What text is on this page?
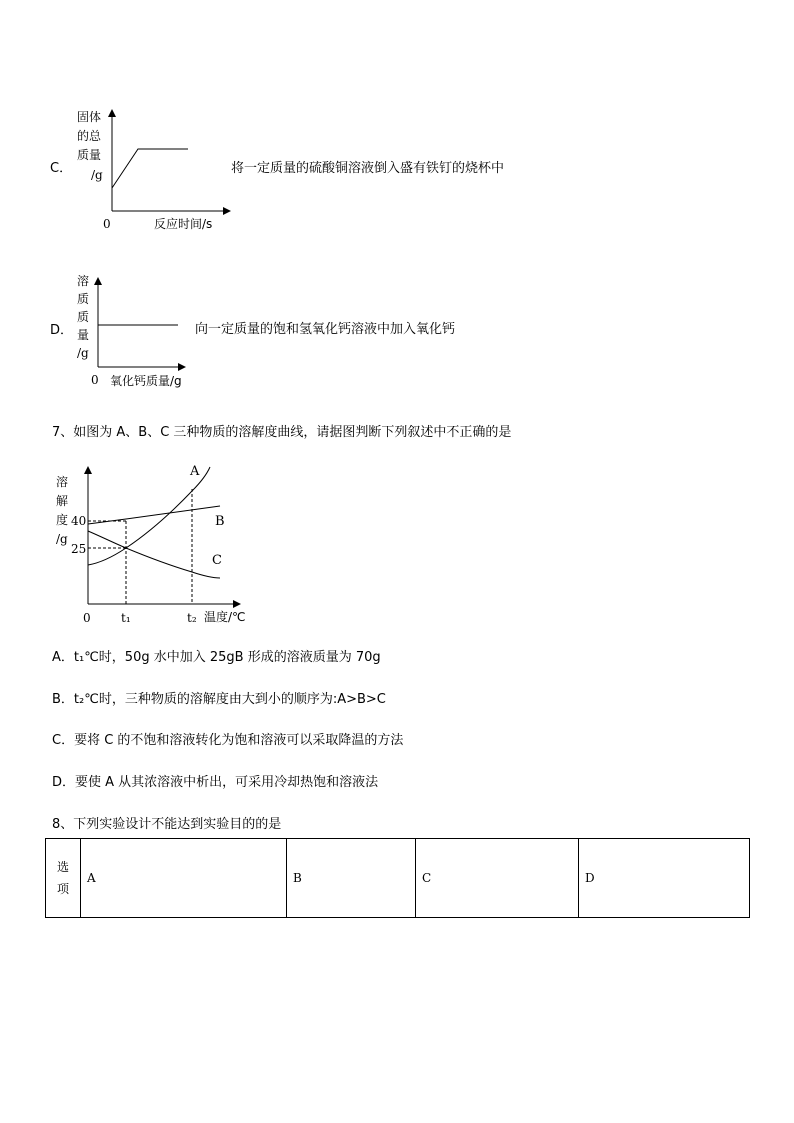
C．
固体
的总
质量
/g
0	反应时间/s
将一定质量的硫酸铜溶液倒入盛有铁钉的烧杯中
D．
溶
质
质
量
/g
0 氧化钙质量/g
向一定质量的饱和氢氧化钙溶液中加入氧化钙
7、如图为 A、B、C 三种物质的溶解度曲线，请据图判断下列叙述中不正确的是
溶
解
度
/g
40
25
0	t₁	t₂ 温度/℃
A
B
C
A．t₁℃时，50g 水中加入 25gB 形成的溶液质量为 70g
B．t₂℃时，三种物质的溶解度由大到小的顺序为:A>B>C
C．要将 C 的不饱和溶液转化为饱和溶液可以采取降温的方法
D．要使 A 从其浓溶液中析出，可采用冷却热饱和溶液法
8、下列实验设计不能达到实验目的的是
选
项	A	B	C	D
